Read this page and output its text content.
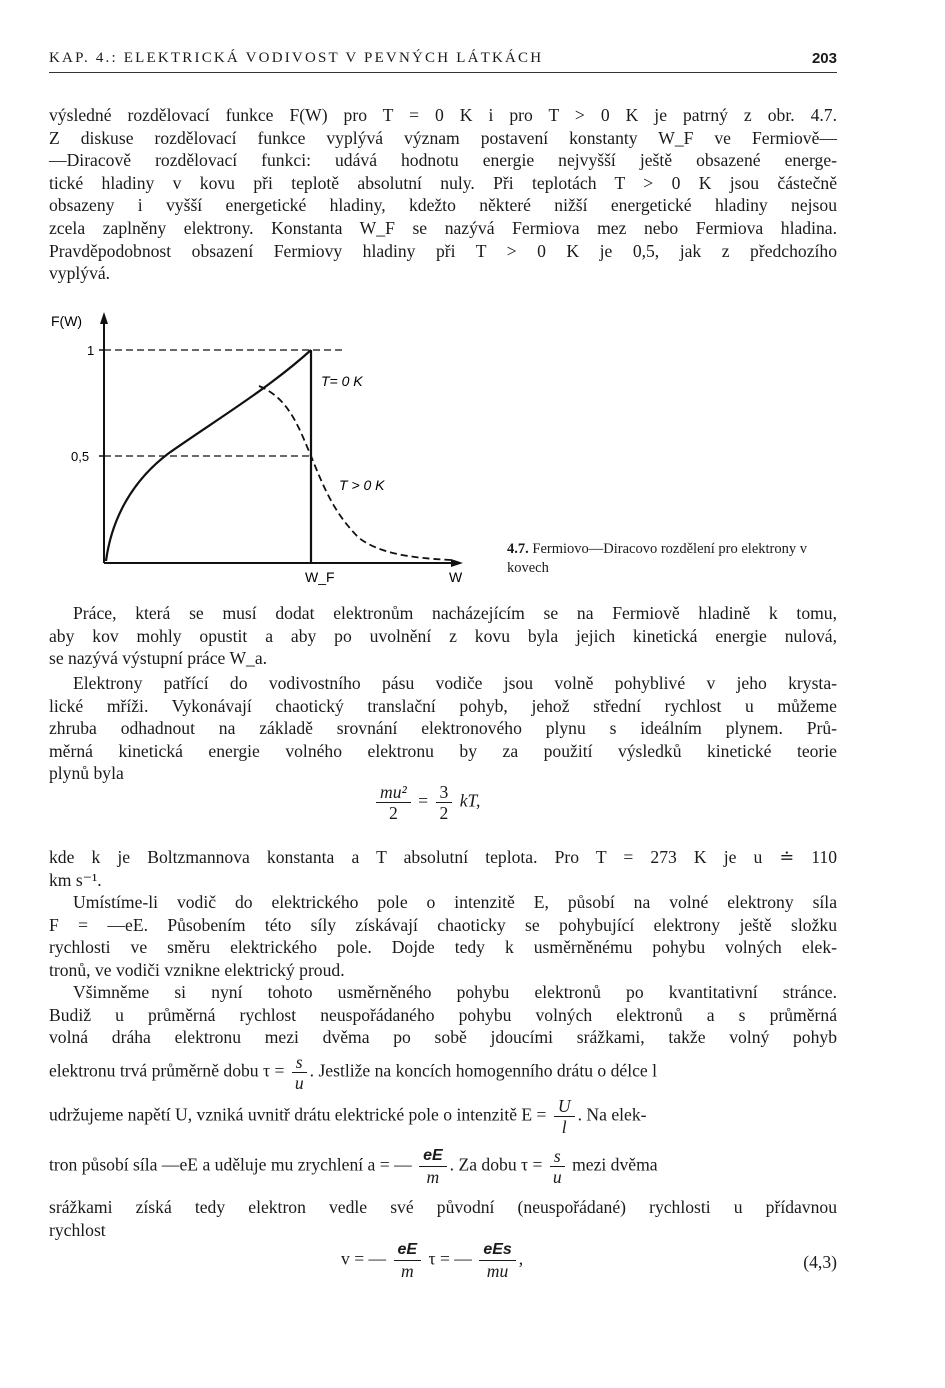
KAP. 4.: ELEKTRICKÁ VODIVOST V PEVNÝCH LÁTKÁCH	203
výsledné rozdělovací funkce F(W) pro T = 0 K i pro T > 0 K je patrný z obr. 4.7.
Z diskuse rozdělovací funkce vyplývá význam postavení konstanty W_F ve Fermiově—
—Diracově rozdělovací funkci: udává hodnotu energie nejvyšší ještě obsazené energe-
tické hladiny v kovu při teplotě absolutní nuly. Při teplotách T > 0 K jsou částečně
obsazeny i vyšší energetické hladiny, kdežto některé nižší energetické hladiny nejsou
zcela zaplněny elektrony. Konstanta W_F se nazývá Fermiova mez nebo Fermiova hladina.
Pravděpodobnost obsazení Fermiovy hladiny při T > 0 K je 0,5, jak z předchozího
vyplývá.
F(W)
1
0,5
T= 0 K
T > 0 K
W_F	W
4.7. Fermiovo—Diracovo rozdělení pro elektrony v kovech
Práce, která se musí dodat elektronům nacházejícím se na Fermiově hladině k tomu,
aby kov mohly opustit a aby po uvolnění z kovu byla jejich kinetická energie nulová,
se nazývá výstupní práce W_a.
Elektrony patřící do vodivostního pásu vodiče jsou volně pohyblivé v jeho krysta-
lické mříži. Vykonávají chaotický translační pohyb, jehož střední rychlost u můžeme
zhruba odhadnout na základě srovnání elektronového plynu s ideálním plynem. Prů-
měrná kinetická energie volného elektronu by za použití výsledků kinetické teorie
plynů byla
$\frac{\text{mu²}}{2} = \frac{3}{2}$ kT,
kde k je Boltzmannova konstanta a T absolutní teplota. Pro T = 273 K je u ≐ 110
km s⁻¹.
Umístíme-li vodič do elektrického pole o intenzitě E, působí na volné elektrony síla
F = —eE. Působením této síly získávají chaoticky se pohybující elektrony ještě složku
rychlosti ve směru elektrického pole. Dojde tedy k usměrněnému pohybu volných elek-
tronů, ve vodiči vznikne elektrický proud.
Všimněme si nyní tohoto usměrněného pohybu elektronů po kvantitativní stránce.
Budiž u průměrná rychlost neuspořádaného pohybu volných elektronů a s průměrná
volná dráha elektronu mezi dvěma po sobě jdoucími srážkami, takže volný pohyb
elektronu trvá průměrně dobu $\tau = \frac{s}{u}$ . Jestliže na koncích homogenního drátu o délce l
udržujeme napětí U, vzniká uvnitř drátu elektrické pole o intenzitě $E = \frac{U}{l}$ . Na elek-
tron působí síla —eE a uděluje mu zrychlení a = — $\frac{eE}{m}$ . Za dobu $\tau = \frac{s}{u}$ mezi dvěma
srážkami získá tedy elektron vedle své původní (neuspořádané) rychlosti u přídavnou
rychlost
v = — $\frac{eE}{m}$ τ = — $\frac{\text{eEs}}{mu}$ ,	(4,3)
